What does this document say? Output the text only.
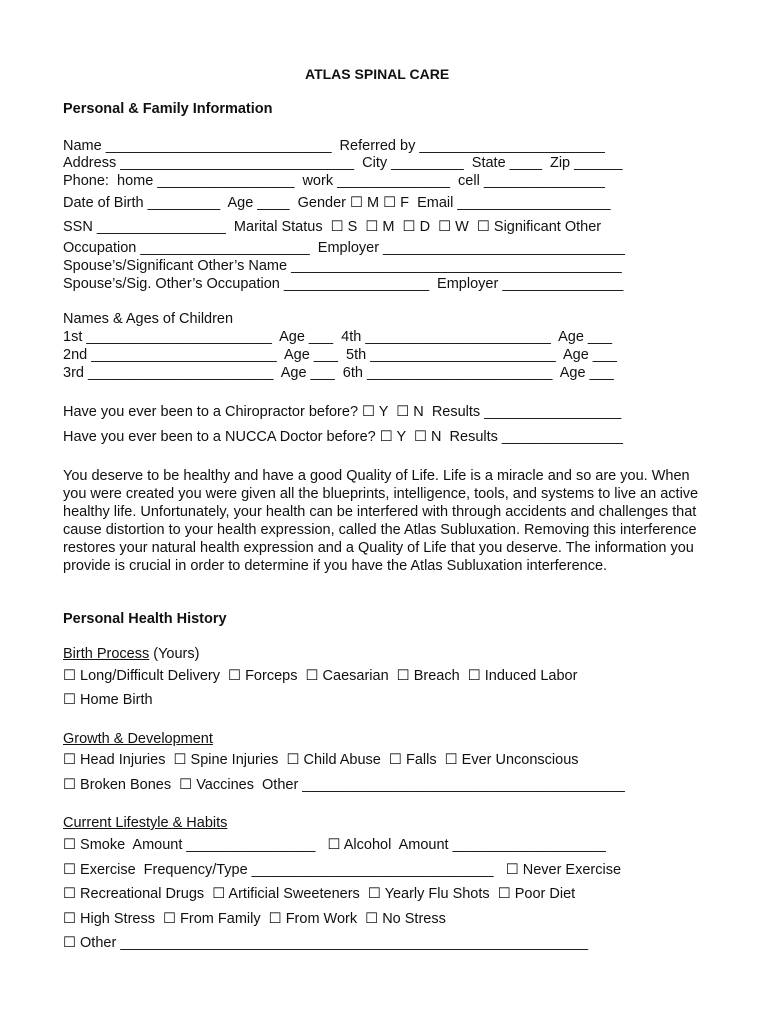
ATLAS SPINAL CARE
Personal & Family Information
Name ____________________________  Referred by _______________________
Address _____________________________  City _________  State ____  Zip ______
Phone:  home _________________  work ______________  cell _______________
Date of Birth _________  Age ____  Gender ☐ M ☐ F  Email ___________________
SSN ________________  Marital Status  ☐ S  ☐ M  ☐ D  ☐ W  ☐ Significant Other
Occupation _____________________  Employer ______________________________
Spouse’s/Significant Other’s Name _________________________________________
Spouse’s/Sig. Other’s Occupation __________________  Employer _______________
Names & Ages of Children
1st _______________________  Age ___  4th _______________________  Age ___
2nd _______________________  Age ___  5th _______________________  Age ___
3rd _______________________  Age ___  6th _______________________  Age ___
Have you ever been to a Chiropractor before? ☐ Y  ☐ N  Results _________________
Have you ever been to a NUCCA Doctor before? ☐ Y  ☐ N  Results _______________
You deserve to be healthy and have a good Quality of Life. Life is a miracle and so are you. When you were created you were given all the blueprints, intelligence, tools, and systems to live an active healthy life. Unfortunately, your health can be interfered with through accidents and challenges that cause distortion to your health expression, called the Atlas Subluxation. Removing this interference restores your natural health expression and a Quality of Life that you deserve. The information you provide is crucial in order to determine if you have the Atlas Subluxation interference.
Personal Health History
Birth Process (Yours)
☐ Long/Difficult Delivery  ☐ Forceps  ☐ Caesarian  ☐ Breach  ☐ Induced Labor
☐ Home Birth
Growth & Development
☐ Head Injuries  ☐ Spine Injuries  ☐ Child Abuse  ☐ Falls  ☐ Ever Unconscious
☐ Broken Bones  ☐ Vaccines  Other ________________________________________
Current Lifestyle & Habits
☐ Smoke  Amount ________________   ☐ Alcohol  Amount ___________________
☐ Exercise  Frequency/Type ______________________________   ☐ Never Exercise
☐ Recreational Drugs  ☐ Artificial Sweeteners  ☐ Yearly Flu Shots  ☐ Poor Diet
☐ High Stress  ☐ From Family  ☐ From Work  ☐ No Stress
☐ Other __________________________________________________________
